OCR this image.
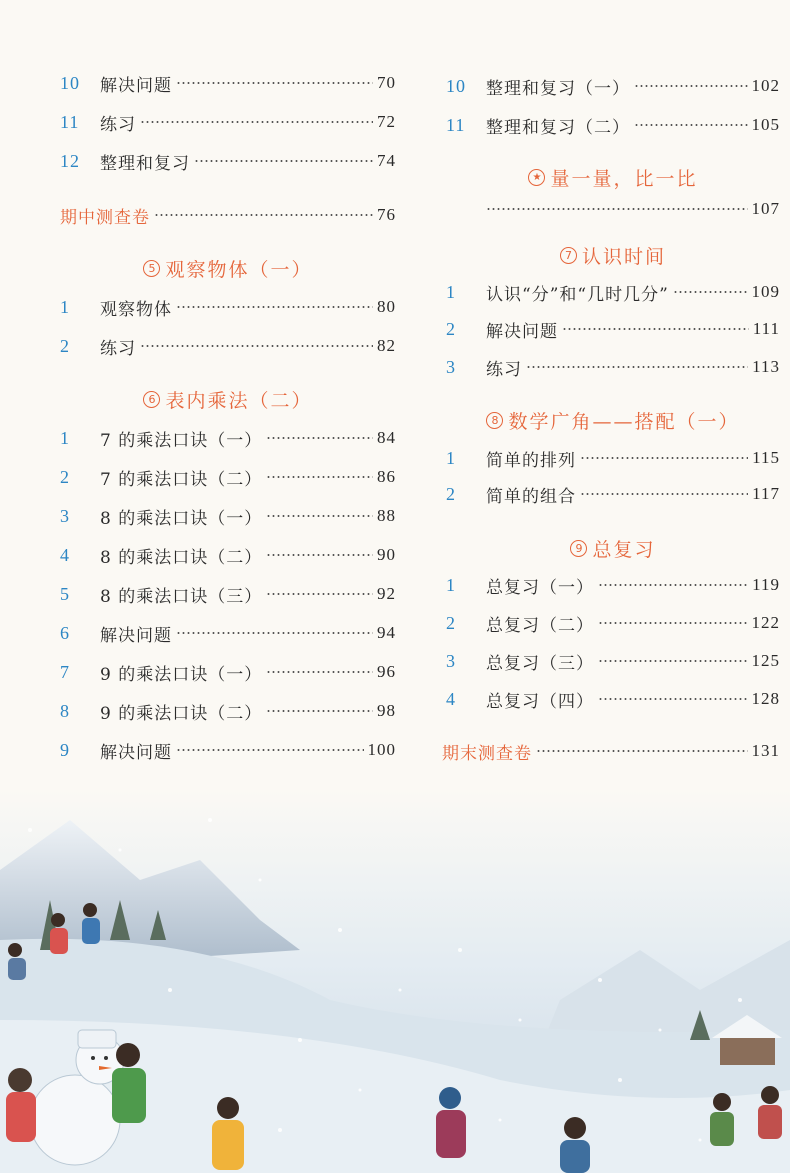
10	解决问题	70
11	练习	72
12	整理和复习	74
期中测查卷	76
5 观察物体（一）
1	观察物体	80
2	练习	82
6 表内乘法（二）
1	7 的乘法口诀（一）	84
2	7 的乘法口诀（二）	86
3	8 的乘法口诀（一）	88
4	8 的乘法口诀（二）	90
5	8 的乘法口诀（三）	92
6	解决问题	94
7	9 的乘法口诀（一）	96
8	9 的乘法口诀（二）	98
9	解决问题	100
10	整理和复习（一）	102
11	整理和复习（二）	105
★ 量一量，比一比
107
7 认识时间
1	认识“分”和“几时几分”	109
2	解决问题	111
3	练习	113
8 数学广角——搭配（一）
1	简单的排列	115
2	简单的组合	117
9 总复习
1	总复习（一）	119
2	总复习（二）	122
3	总复习（三）	125
4	总复习（四）	128
期末测查卷	131
